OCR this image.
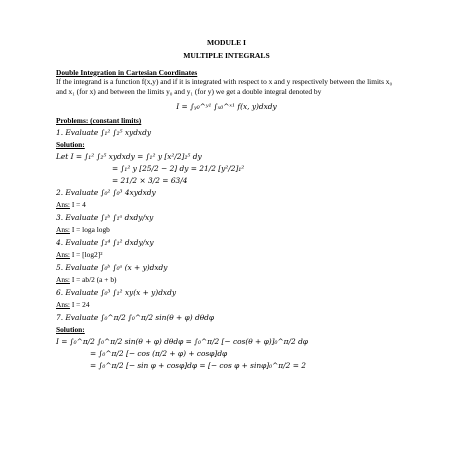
MODULE I
MULTIPLE INTEGRALS
Double Integration in Cartesian Coordinates
If the integrand is a function f(x,y) and if it is integrated with respect to x and y respectively between the limits x₀ and x₁ (for x) and between the limits y₀ and y₁ (for y) we get a double integral denoted by
I = ∫ᵧ₀^ʸ¹ ∫ₓ₀^ˣ¹ f(x, y)dxdy
Problems: (constant limits)
1. Evaluate ∫₁² ∫₂⁵ xydxdy
Solution:
Let I = ∫₁² ∫₂⁵ xydxdy = ∫₁² y [x²/2]₂⁵ dy
= ∫₁² y [25/2 − 2] dy = 21/2 [y²/2]₁²
= 21/2 × 3/2 = 63/4
2. Evaluate ∫₀² ∫₀³ 4xydxdy
Ans: I = 4
3. Evaluate ∫₁ᵇ ∫₁ᵃ dxdy/xy
Ans: I = loga logb
4. Evaluate ∫₂⁴ ∫₁² dxdy/xy
Ans: I = [log2]²
5. Evaluate ∫₀ᵇ ∫₀ᵃ (x + y)dxdy
Ans: I = ab/2 (a + b)
6. Evaluate ∫₀³ ∫₁² xy(x + y)dxdy
Ans: I = 24
7. Evaluate ∫₀^π/2 ∫₀^π/2 sin(θ + φ) dθdφ
Solution:
I = ∫₀^π/2 ∫₀^π/2 sin(θ + φ) dθdφ = ∫₀^π/2 [− cos(θ + φ)]₀^π/2 dφ
= ∫₀^π/2 [− cos (π/2 + φ) + cosφ]dφ
= ∫₀^π/2 [− sin φ + cosφ]dφ = [− cos φ + sinφ]₀^π/2 = 2
